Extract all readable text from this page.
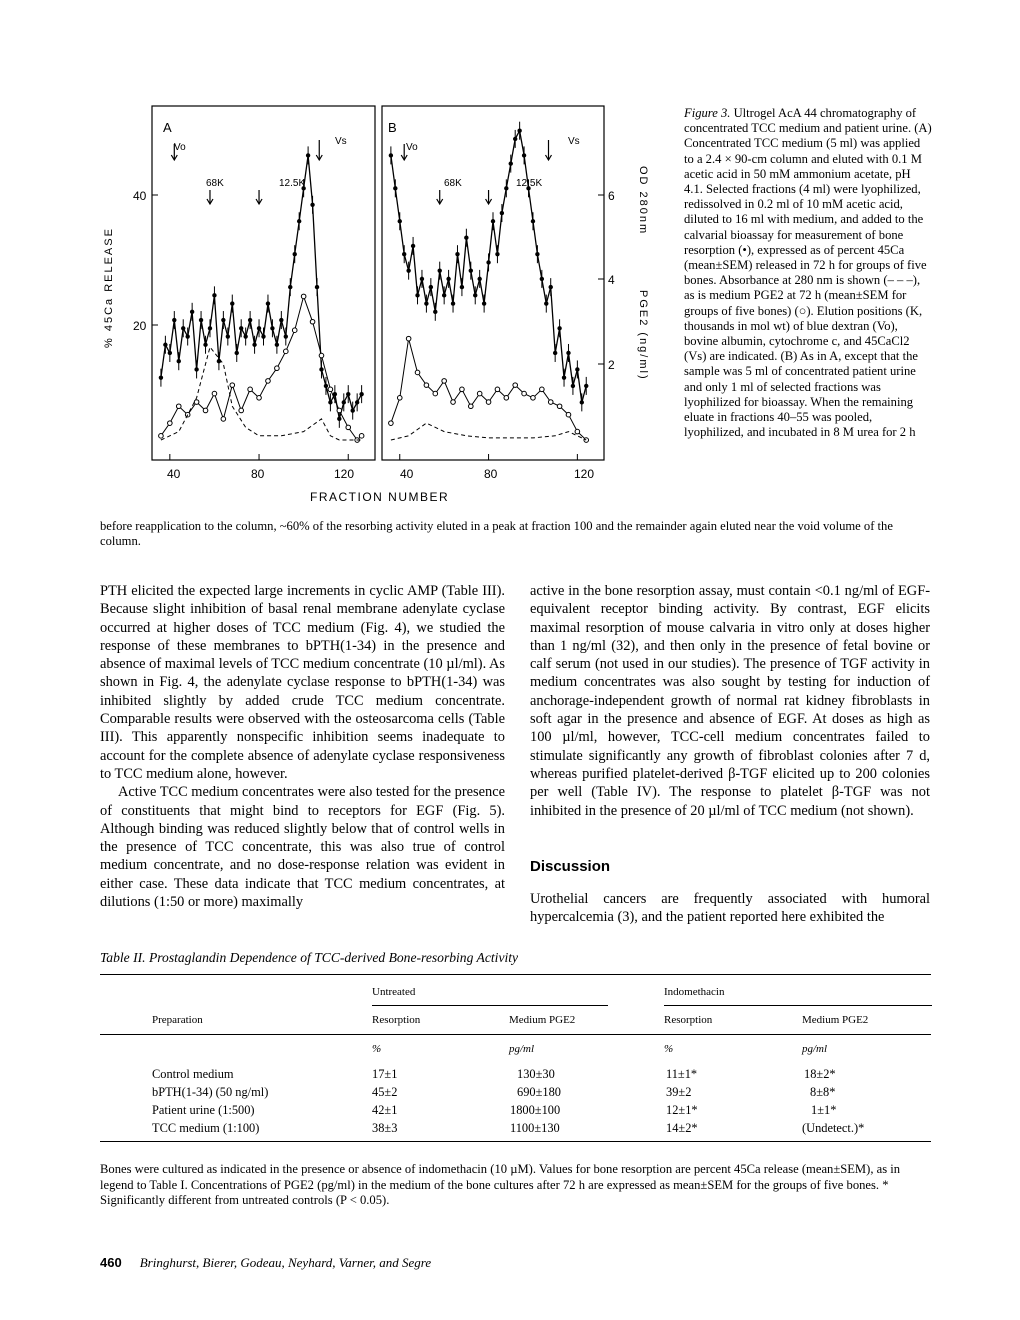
A	B
Vo
Vs
Vo
Vs
68K	12.5K	68K	12.5K
% 45Ca RELEASE
40
20
6
4
2
OD 280nm
PGE2 (ng/ml)
40	80	120	40	80	120
FRACTION NUMBER
Figure 3. Ultrogel AcA 44 chromatography of concentrated TCC medium and patient urine. (A) Concentrated TCC medium (5 ml) was applied to a 2.4 × 90-cm column and eluted with 0.1 M acetic acid in 50 mM ammonium acetate, pH 4.1. Selected fractions (4 ml) were lyophilized, redissolved in 0.2 ml of 10 mM acetic acid, diluted to 16 ml with medium, and added to the calvarial bioassay for measurement of bone resorption (•), expressed as of percent 45Ca (mean±SEM) released in 72 h for groups of five bones. Absorbance at 280 nm is shown (– – –), as is medium PGE2 at 72 h (mean±SEM for groups of five bones) (○). Elution positions (K, thousands in mol wt) of blue dextran (Vo), bovine albumin, cytochrome c, and 45CaCl2 (Vs) are indicated. (B) As in A, except that the sample was 5 ml of concentrated patient urine and only 1 ml of selected fractions was lyophilized for bioassay. When the remaining eluate in fractions 40–55 was pooled, lyophilized, and incubated in 8 M urea for 2 h
before reapplication to the column, ~60% of the resorbing activity eluted in a peak at fraction 100 and the remainder again eluted near the void volume of the column.

PTH elicited the expected large increments in cyclic AMP (Table III). Because slight inhibition of basal renal membrane adenylate cyclase occurred at higher doses of TCC medium (Fig. 4), we studied the response of these membranes to bPTH(1-34) in the presence and absence of maximal levels of TCC medium concentrate (10 µl/ml). As shown in Fig. 4, the adenylate cyclase response to bPTH(1-34) was inhibited slightly by added crude TCC medium concentrate. Comparable results were observed with the osteosarcoma cells (Table III). This apparently nonspecific inhibition seems inadequate to account for the complete absence of adenylate cyclase responsiveness to TCC medium alone, however.

Active TCC medium concentrates were also tested for the presence of constituents that might bind to receptors for EGF (Fig. 5). Although binding was reduced slightly below that of control wells in the presence of TCC concentrate, this was also true of control medium concentrate, and no dose-response relation was evident in either case. These data indicate that TCC medium concentrates, at dilutions (1:50 or more) maximally

active in the bone resorption assay, must contain <0.1 ng/ml of EGF-equivalent receptor binding activity. By contrast, EGF elicits maximal resorption of mouse calvaria in vitro only at doses higher than 1 ng/ml (32), and then only in the presence of fetal bovine or calf serum (not used in our studies). The presence of TGF activity in medium concentrates was also sought by testing for induction of anchorage-independent growth of normal rat kidney fibroblasts in soft agar in the presence and absence of EGF. At doses as high as 100 µl/ml, however, TCC-cell medium concentrates failed to stimulate significantly any growth of fibroblast colonies after 7 d, whereas purified platelet-derived β-TGF elicited up to 200 colonies per well (Table IV). The response to platelet β-TGF was not inhibited in the presence of 20 µl/ml of TCC medium (not shown).

Discussion

Urothelial cancers are frequently associated with humoral hypercalcemia (3), and the patient reported here exhibited the

Table II. Prostaglandin Dependence of TCC-derived Bone-resorbing Activity
Untreated	Indomethacin
Preparation	Resorption	Medium PGE2	Resorption	Medium PGE2
%	pg/ml	%	pg/ml
Control medium	17±1	130±30	11±1*	18±2*
bPTH(1-34) (50 ng/ml)	45±2	690±180	39±2	8±8*
Patient urine (1:500)	42±1	1800±100	12±1*	1±1*
TCC medium (1:100)	38±3	1100±130	14±2*	(Undetect.)*
Bones were cultured as indicated in the presence or absence of indomethacin (10 µM). Values for bone resorption are percent 45Ca release (mean±SEM), as in legend to Table I. Concentrations of PGE2 (pg/ml) in the medium of the bone cultures after 72 h are expressed as mean±SEM for the groups of five bones. * Significantly different from untreated controls (P < 0.05).
460 Bringhurst, Bierer, Godeau, Neyhard, Varner, and Segre
